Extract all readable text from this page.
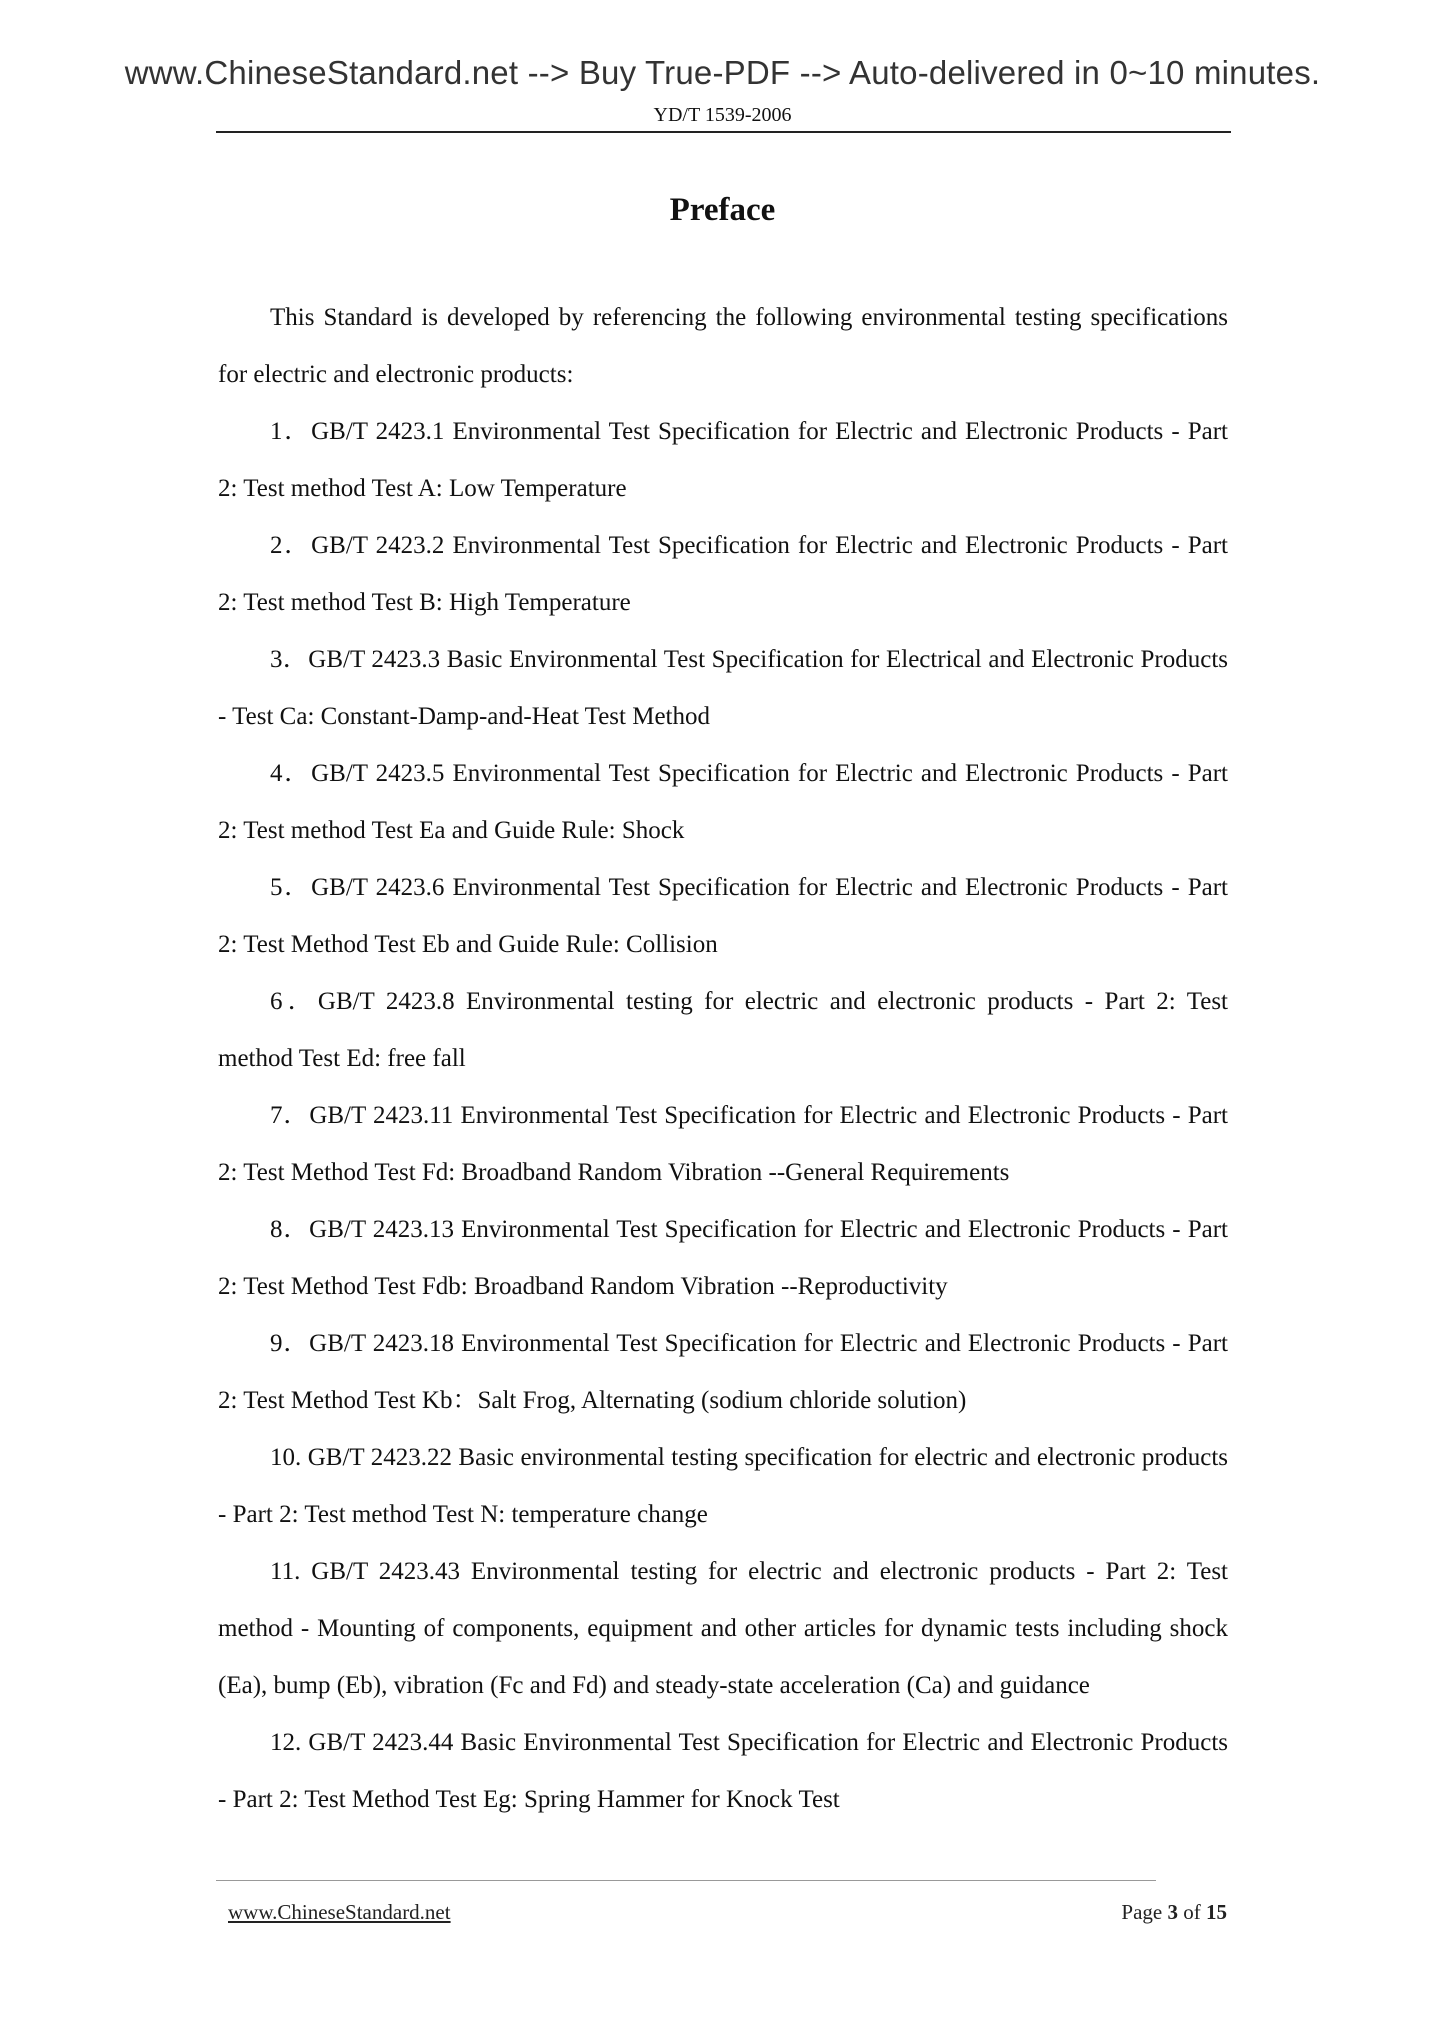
www.ChineseStandard.net --> Buy True-PDF --> Auto-delivered in 0~10 minutes.
YD/T 1539-2006
Preface
This Standard is developed by referencing the following environmental testing specifications for electric and electronic products:
1．GB/T 2423.1 Environmental Test Specification for Electric and Electronic Products - Part 2: Test method Test A: Low Temperature
2．GB/T 2423.2 Environmental Test Specification for Electric and Electronic Products - Part 2: Test method Test B: High Temperature
3．GB/T 2423.3 Basic Environmental Test Specification for Electrical and Electronic Products - Test Ca: Constant-Damp-and-Heat Test Method
4．GB/T 2423.5 Environmental Test Specification for Electric and Electronic Products - Part 2: Test method Test Ea and Guide Rule: Shock
5．GB/T 2423.6 Environmental Test Specification for Electric and Electronic Products - Part 2: Test Method Test Eb and Guide Rule: Collision
6．GB/T 2423.8 Environmental testing for electric and electronic products - Part 2: Test method Test Ed: free fall
7．GB/T 2423.11 Environmental Test Specification for Electric and Electronic Products - Part 2: Test Method Test Fd: Broadband Random Vibration --General Requirements
8．GB/T 2423.13 Environmental Test Specification for Electric and Electronic Products - Part 2: Test Method Test Fdb: Broadband Random Vibration --Reproductivity
9．GB/T 2423.18 Environmental Test Specification for Electric and Electronic Products - Part 2: Test Method Test Kb：Salt Frog, Alternating (sodium chloride solution)
10. GB/T 2423.22 Basic environmental testing specification for electric and electronic products - Part 2: Test method Test N: temperature change
11. GB/T 2423.43 Environmental testing for electric and electronic products - Part 2: Test method - Mounting of components, equipment and other articles for dynamic tests including shock (Ea), bump (Eb), vibration (Fc and Fd) and steady-state acceleration (Ca) and guidance
12. GB/T 2423.44 Basic Environmental Test Specification for Electric and Electronic Products - Part 2: Test Method Test Eg: Spring Hammer for Knock Test
www.ChineseStandard.net	Page 3 of 15
